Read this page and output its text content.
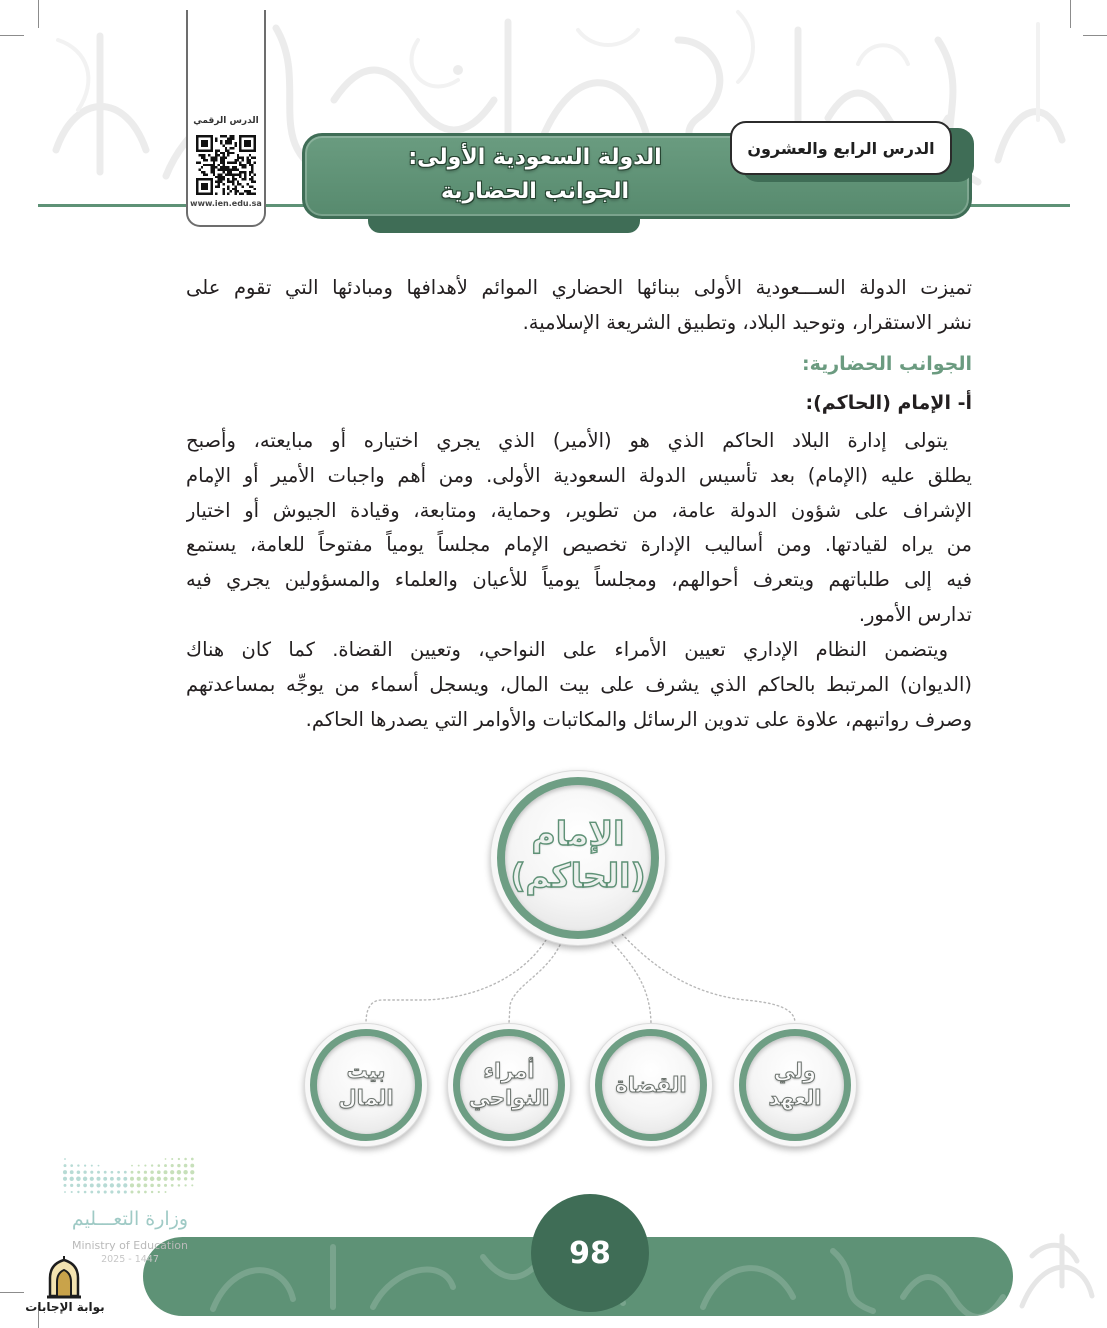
الدرس الرقمي
www.ien.edu.sa
الدولة السعودية الأولى:
الجوانب الحضارية
الدرس الرابع والعشرون
تميزت الدولة الســـعودية الأولى ببنائها الحضاري الموائم لأهدافها ومبادئها التي تقوم على
نشر الاستقرار، وتوحيد البلاد، وتطبيق الشريعة الإسلامية.
الجوانب الحضارية:
أ- الإمام (الحاكم):
يتولى إدارة البلاد الحاكم الذي هو (الأمير) الذي يجري اختياره أو مبايعته، وأصبح
يطلق عليه (الإمام) بعد تأسيس الدولة السعودية الأولى. ومن أهم واجبات الأمير أو الإمام
الإشراف على شؤون الدولة عامة، من تطوير، وحماية، ومتابعة، وقيادة الجيوش أو اختيار
من يراه لقيادتها. ومن أساليب الإدارة تخصيص الإمام مجلساً يومياً مفتوحاً للعامة، يستمع
فيه إلى طلباتهم ويتعرف أحوالهم، ومجلساً يومياً للأعيان والعلماء والمسؤولين يجري فيه
تدارس الأمور.
ويتضمن النظام الإداري تعيين الأمراء على النواحي، وتعيين القضاة. كما كان هناك
(الديوان) المرتبط بالحاكم الذي يشرف على بيت المال، ويسجل أسماء من يوجِّه بمساعدتهم
وصرف رواتبهم، علاوة على تدوين الرسائل والمكاتبات والأوامر التي يصدرها الحاكم.
الإمام
(الحاكم)
ولي
العهد
القضاة
أمراء
النواحي
بيت
المال
وزارة التعـــليم
Ministry of Education
2025 - 1447	98
بوابة الإجابات
